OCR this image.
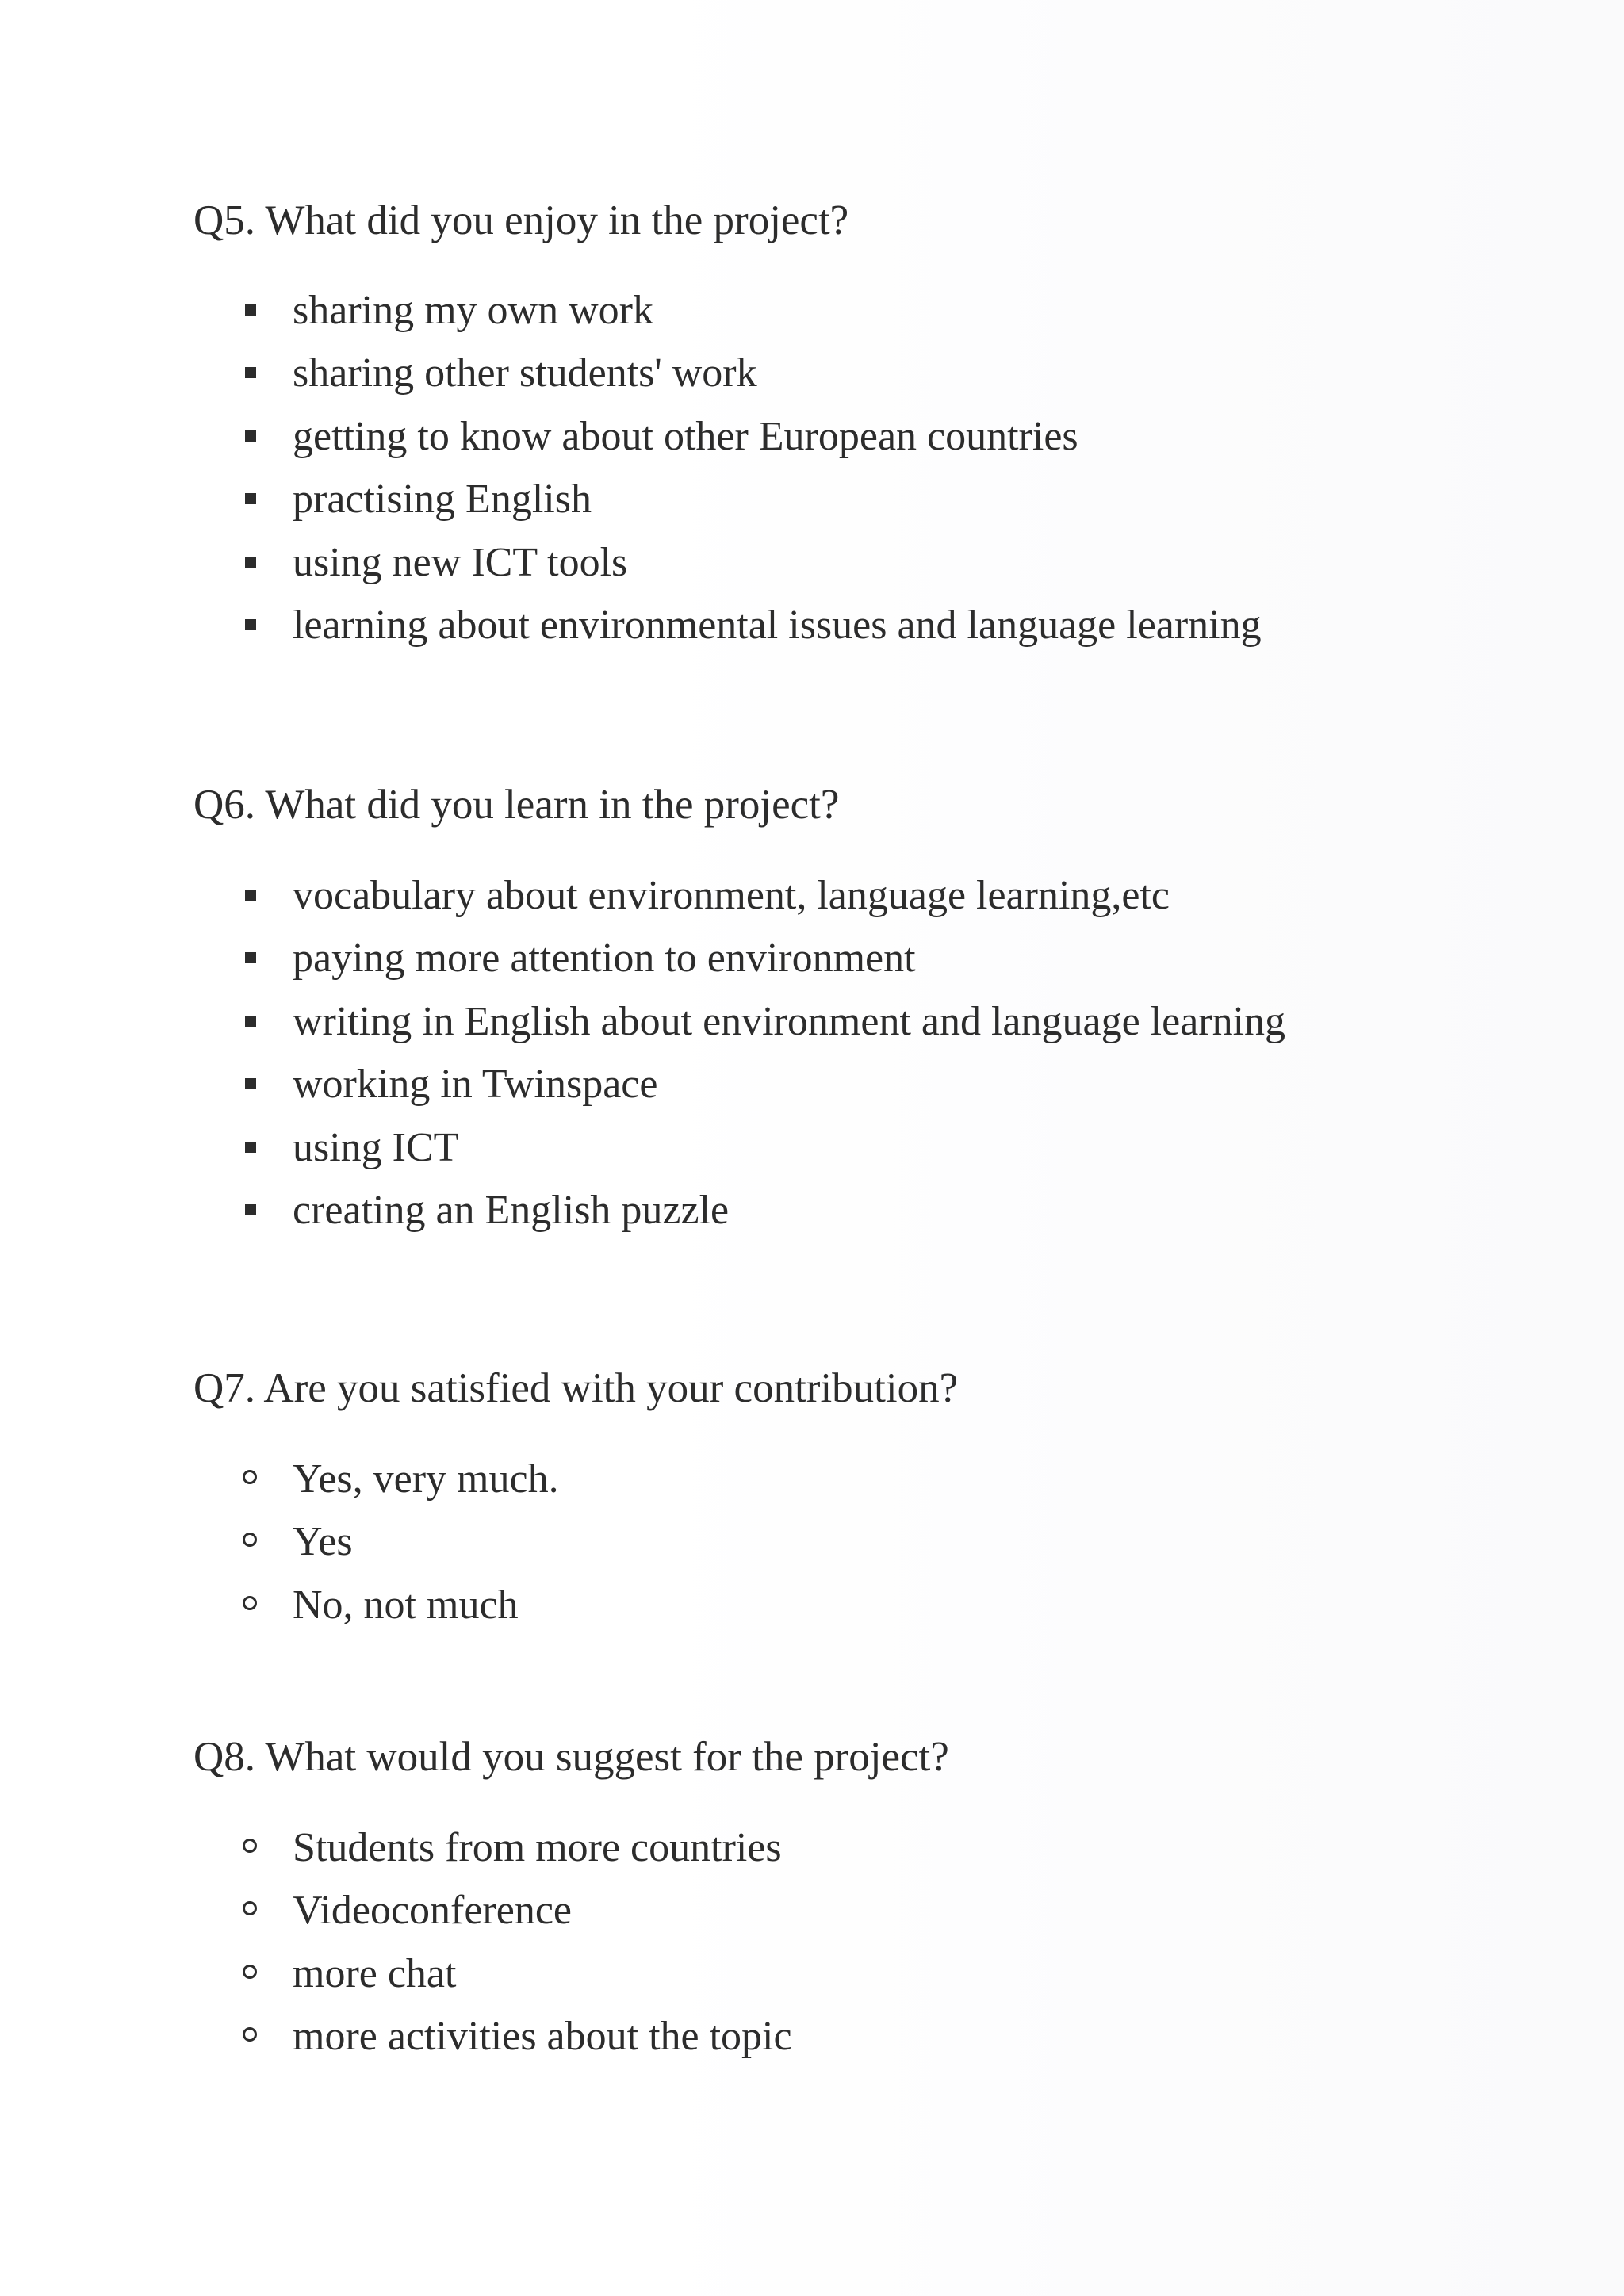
Q5. What did you enjoy in the project?
sharing my own work
sharing other students' work
getting to know about other European countries
practising English
using new ICT tools
learning about environmental issues and language learning
Q6. What did you learn in the project?
vocabulary about environment, language learning,etc
paying more attention to environment
writing in English about environment and language learning
working in Twinspace
using ICT
creating an English puzzle
Q7. Are you satisfied with your contribution?
Yes, very much.
Yes
No, not much
Q8. What would you suggest for the project?
Students from more countries
Videoconference
more chat
more activities about the topic
